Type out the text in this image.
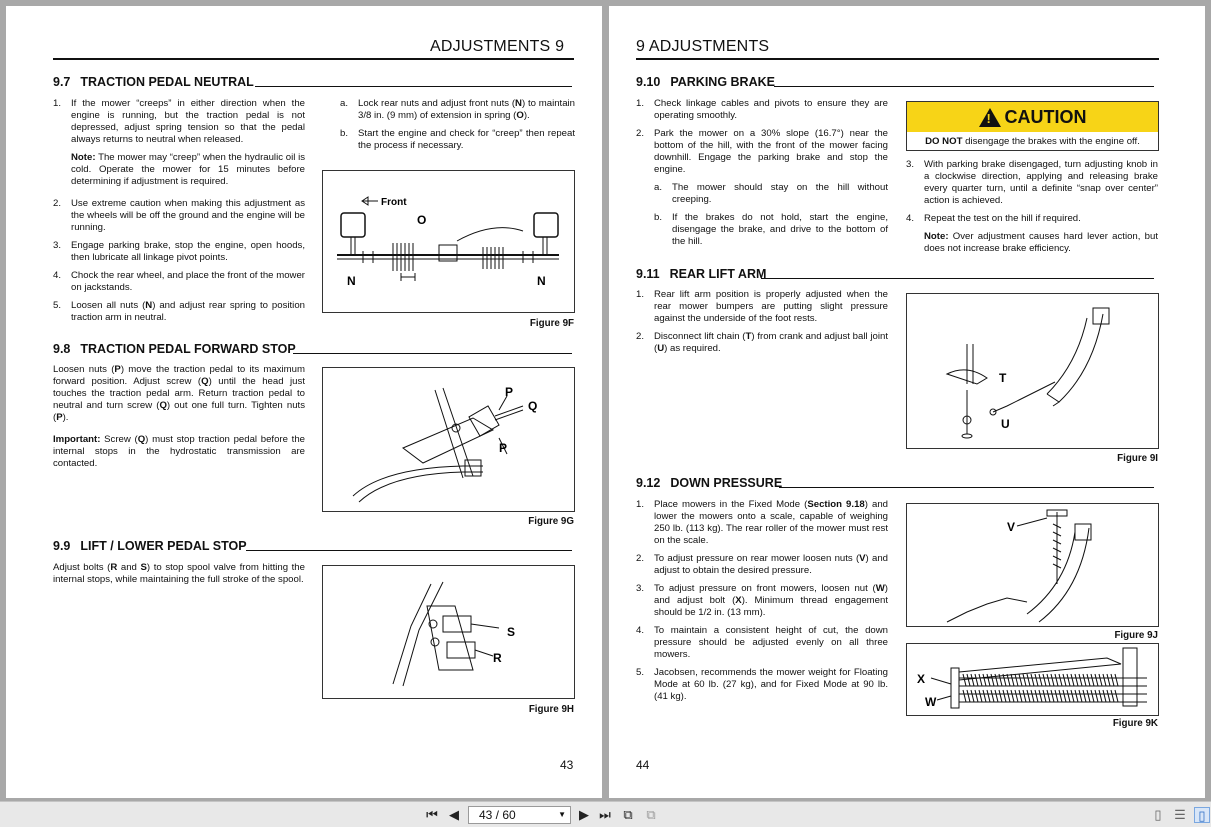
ADJUSTMENTS 9
9.7 TRACTION PEDAL NEUTRAL
1. If the mower “creeps” in either direction when the engine is running, but the traction pedal is not depressed, adjust spring tension so that the pedal always returns to neutral when released.
Note: The mower may “creep” when the hydraulic oil is cold. Operate the mower for 15 minutes before determining if adjustment is required.
2. Use extreme caution when making this adjustment as the wheels will be off the ground and the engine will be running.
3. Engage parking brake, stop the engine, open hoods, then lubricate all linkage pivot points.
4. Chock the rear wheel, and place the front of the mower on jackstands.
5. Loosen all nuts (N) and adjust rear spring to position traction arm in neutral.
a. Lock rear nuts and adjust front nuts (N) to maintain 3/8 in. (9 mm) of extension in spring (O).
b. Start the engine and check for “creep” then repeat the process if necessary.
Front
O
N	N
Figure 9F
9.8 TRACTION PEDAL FORWARD STOP

Loosen nuts (P) move the traction pedal to its maximum forward position. Adjust screw (Q) until the head just touches the traction pedal arm. Return traction pedal to neutral and turn screw (Q) out one full turn. Tighten nuts (P).

Important: Screw (Q) must stop traction pedal before the internal stops in the hydrostatic transmission are contacted.

P
Q
P
Figure 9G
9.9 LIFT / LOWER PEDAL STOP

Adjust bolts (R and S) to stop spool valve from hitting the internal stops, while maintaining the full stroke of the spool.

S
R
Figure 9H
43
9 ADJUSTMENTS
9.10 PARKING BRAKE
1. Check linkage cables and pivots to ensure they are operating smoothly.
2. Park the mower on a 30% slope (16.7°) near the bottom of the hill, with the front of the mower facing downhill. Engage the parking brake and stop the engine.
a. The mower should stay on the hill without creeping.
b. If the brakes do not hold, start the engine, disengage the brake, and drive to the bottom of the hill.
!
CAUTION
DO NOT disengage the brakes with the engine off.
3. With parking brake disengaged, turn adjusting knob in a clockwise direction, applying and releasing brake every quarter turn, until a definite “snap over center” action is achieved.
4. Repeat the test on the hill if required.
Note: Over adjustment causes hard lever action, but does not increase brake efficiency.
9.11 REAR LIFT ARM
1. Rear lift arm position is properly adjusted when the rear mower bumpers are putting slight pressure against the underside of the foot rests.
2. Disconnect lift chain (T) from crank and adjust ball joint (U) as required.
T
U
Figure 9I
9.12 DOWN PRESSURE
1. Place mowers in the Fixed Mode (Section 9.18) and lower the mowers onto a scale, capable of weighing 250 lb. (113 kg). The rear roller of the mower must rest on the scale.
2. To adjust pressure on rear mower loosen nuts (V) and adjust to obtain the desired pressure.
3. To adjust pressure on front mowers, loosen nut (W) and adjust bolt (X). Minimum thread engagement should be 1/2 in. (13 mm).
4. To maintain a consistent height of cut, the down pressure should be adjusted evenly on all three mowers.
5. Jacobsen, recommends the mower weight for Floating Mode at 60 lb. (27 kg), and for Fixed Mode at 90 lb. (41 kg).
V
Figure 9J
X
W
Figure 9K
44
⏮ ◀	43 / 60	▼ ▶ ⏭ ⧉ ⧉	▯ ☰ ▯
